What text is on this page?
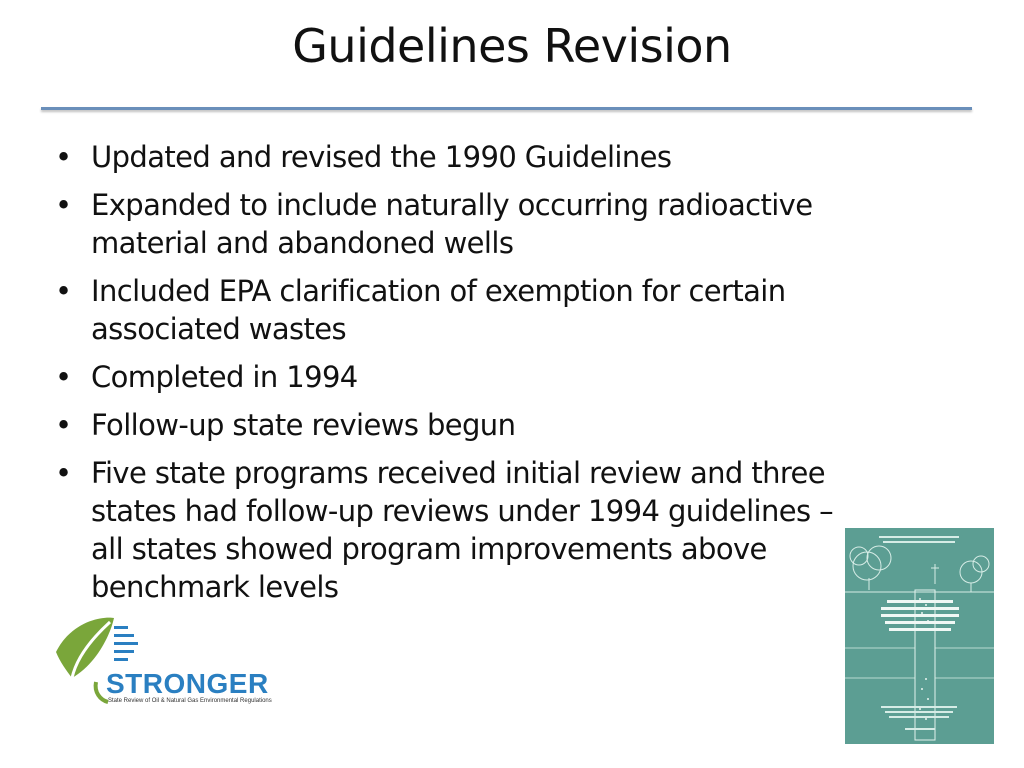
Guidelines Revision
• Updated and revised the 1990 Guidelines
• Expanded to include naturally occurring radioactive material and abandoned wells
• Included EPA clarification of exemption for certain associated wastes
• Completed in 1994
• Follow-up state reviews begun
• Five state programs received initial review and three states had follow-up reviews under 1994 guidelines – all states showed program improvements above benchmark levels
STRONGER
State Review of Oil & Natural Gas Environmental Regulations
